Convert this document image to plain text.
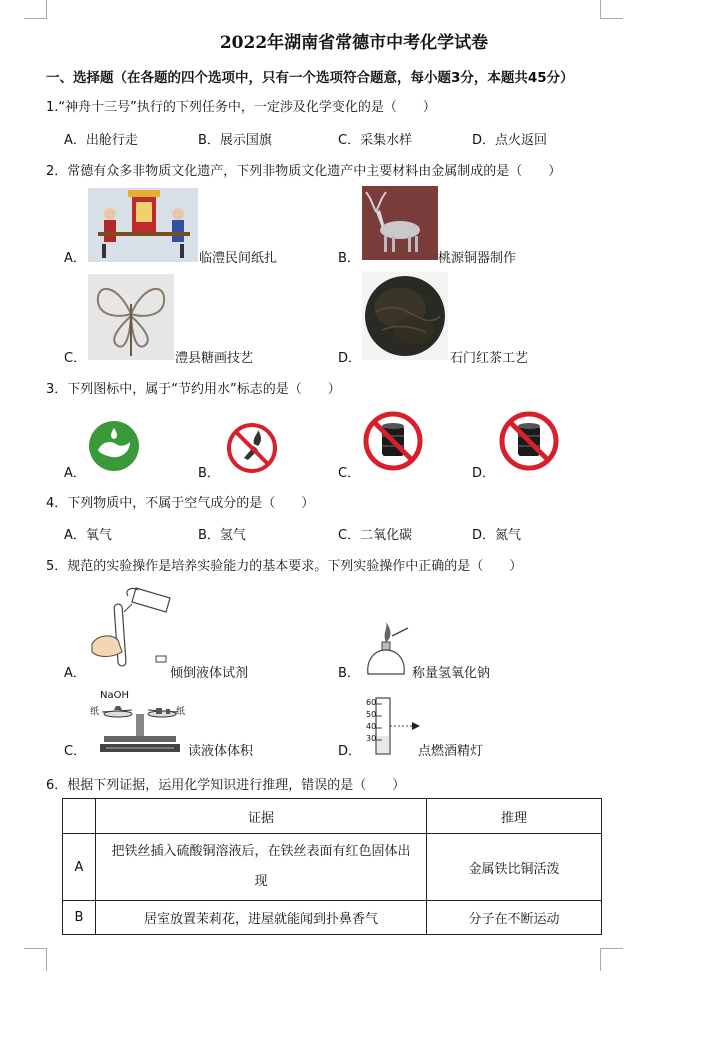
2022年湖南省常德市中考化学试卷
一、选择题（在各题的四个选项中，只有一个选项符合题意，每小题3分，本题共45分）
1.“神舟十三号”执行的下列任务中，一定涉及化学变化的是（　　）
A．出舱行走	B．展示国旗	C．采集水样	D．点火返回
2．常德有众多非物质文化遗产，下列非物质文化遗产中主要材料由金属制成的是（　　）
A．	临澧民间纸扎	B．	桃源铜器制作
C．	澧县糖画技艺	D．	石门红茶工艺
3．下列图标中，属于“节约用水”标志的是（　　）
A．	B．	C．	D．
4．下列物质中，不属于空气成分的是（　　）
A．氧气	B．氢气	C．二氧化碳	D．氮气
5．规范的实验操作是培养实验能力的基本要求。下列实验操作中正确的是（　　）
A．	倾倒液体试剂	B．	称量氢氧化钠
C．
NaOH
纸	纸
读液体体积	D．
60
50
40
30
点燃酒精灯
6．根据下列证据，运用化学知识进行推理，错误的是（　　）
	证据	推理
A	把铁丝插入硫酸铜溶液后，在铁丝表面有红色固体出
现	金属铁比铜活泼
B	居室放置茉莉花，进屋就能闻到扑鼻香气	分子在不断运动
